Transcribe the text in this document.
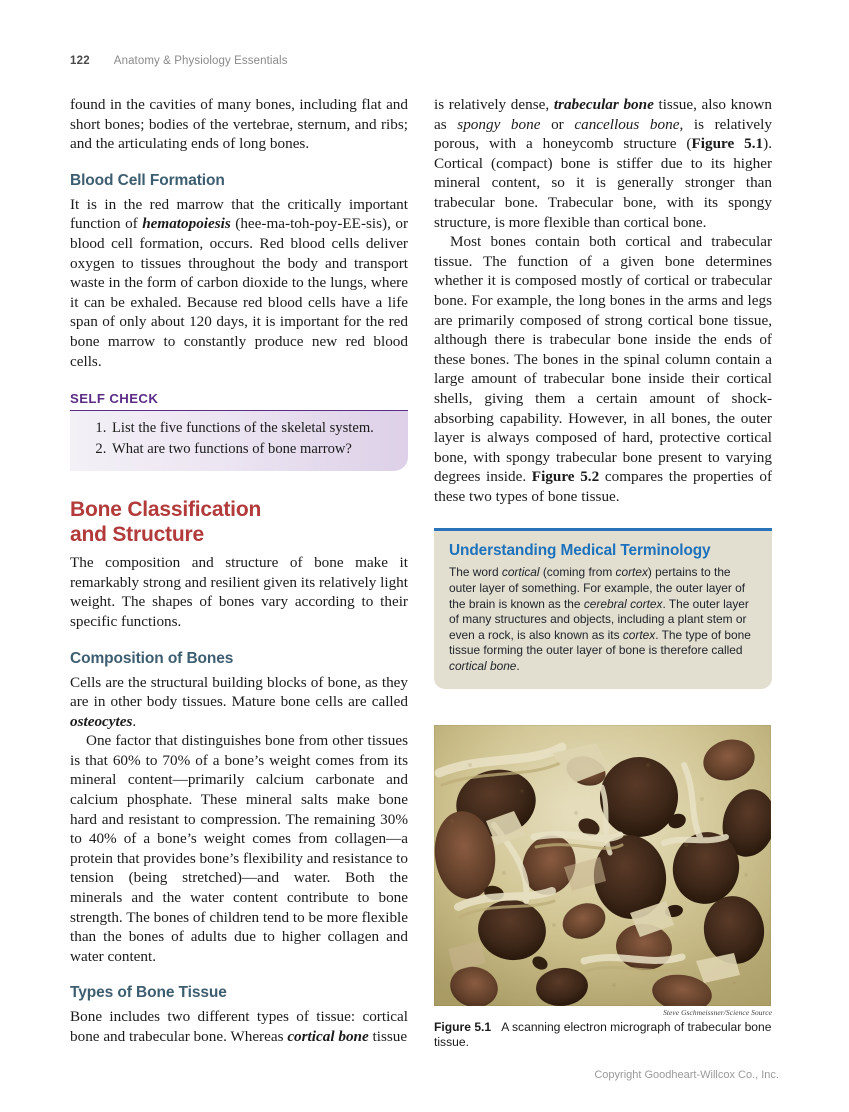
122 Anatomy & Physiology Essentials

found in the cavities of many bones, including flat and short bones; bodies of the vertebrae, sternum, and ribs; and the articulating ends of long bones.

Blood Cell Formation

It is in the red marrow that the critically important function of hematopoiesis (hee-ma-toh-poy-EE-sis), or blood cell formation, occurs. Red blood cells deliver oxygen to tissues throughout the body and transport waste in the form of carbon dioxide to the lungs, where it can be exhaled. Because red blood cells have a life span of only about 120 days, it is important for the red bone marrow to constantly produce new red blood cells.

SELF CHECK
1. List the five functions of the skeletal system.
2. What are two functions of bone marrow?
Bone Classification
and Structure

The composition and structure of bone make it remarkably strong and resilient given its relatively light weight. The shapes of bones vary according to their specific functions.

Composition of Bones

Cells are the structural building blocks of bone, as they are in other body tissues. Mature bone cells are called osteocytes.

One factor that distinguishes bone from other tissues is that 60% to 70% of a bone’s weight comes from its mineral content—primarily calcium carbonate and calcium phosphate. These mineral salts make bone hard and resistant to compression. The remaining 30% to 40% of a bone’s weight comes from collagen—a protein that provides bone’s flexibility and resistance to tension (being stretched)—and water. Both the minerals and the water content contribute to bone strength. The bones of children tend to be more flexible than the bones of adults due to higher collagen and water content.

Types of Bone Tissue

Bone includes two different types of tissue: cortical bone and trabecular bone. Whereas cortical bone tissue

is relatively dense, trabecular bone tissue, also known as spongy bone or cancellous bone, is relatively porous, with a honeycomb structure (Figure 5.1). Cortical (compact) bone is stiffer due to its higher mineral content, so it is generally stronger than trabecular bone. Trabecular bone, with its spongy structure, is more flexible than cortical bone.

Most bones contain both cortical and trabecular tissue. The function of a given bone determines whether it is composed mostly of cortical or trabecular bone. For example, the long bones in the arms and legs are primarily composed of strong cortical bone tissue, although there is trabecular bone inside the ends of these bones. The bones in the spinal column contain a large amount of trabecular bone inside their cortical shells, giving them a certain amount of shock-absorbing capability. However, in all bones, the outer layer is always composed of hard, protective cortical bone, with spongy trabecular bone present to varying degrees inside. Figure 5.2 compares the properties of these two types of bone tissue.

Understanding Medical Terminology

The word cortical (coming from cortex) pertains to the outer layer of something. For example, the outer layer of the brain is known as the cerebral cortex. The outer layer of many structures and objects, including a plant stem or even a rock, is also known as its cortex. The type of bone tissue forming the outer layer of bone is therefore called cortical bone.

Steve Gschmeissner/Science Source
Figure 5.1 A scanning electron micrograph of trabecular bone tissue.
Copyright Goodheart-Willcox Co., Inc.
